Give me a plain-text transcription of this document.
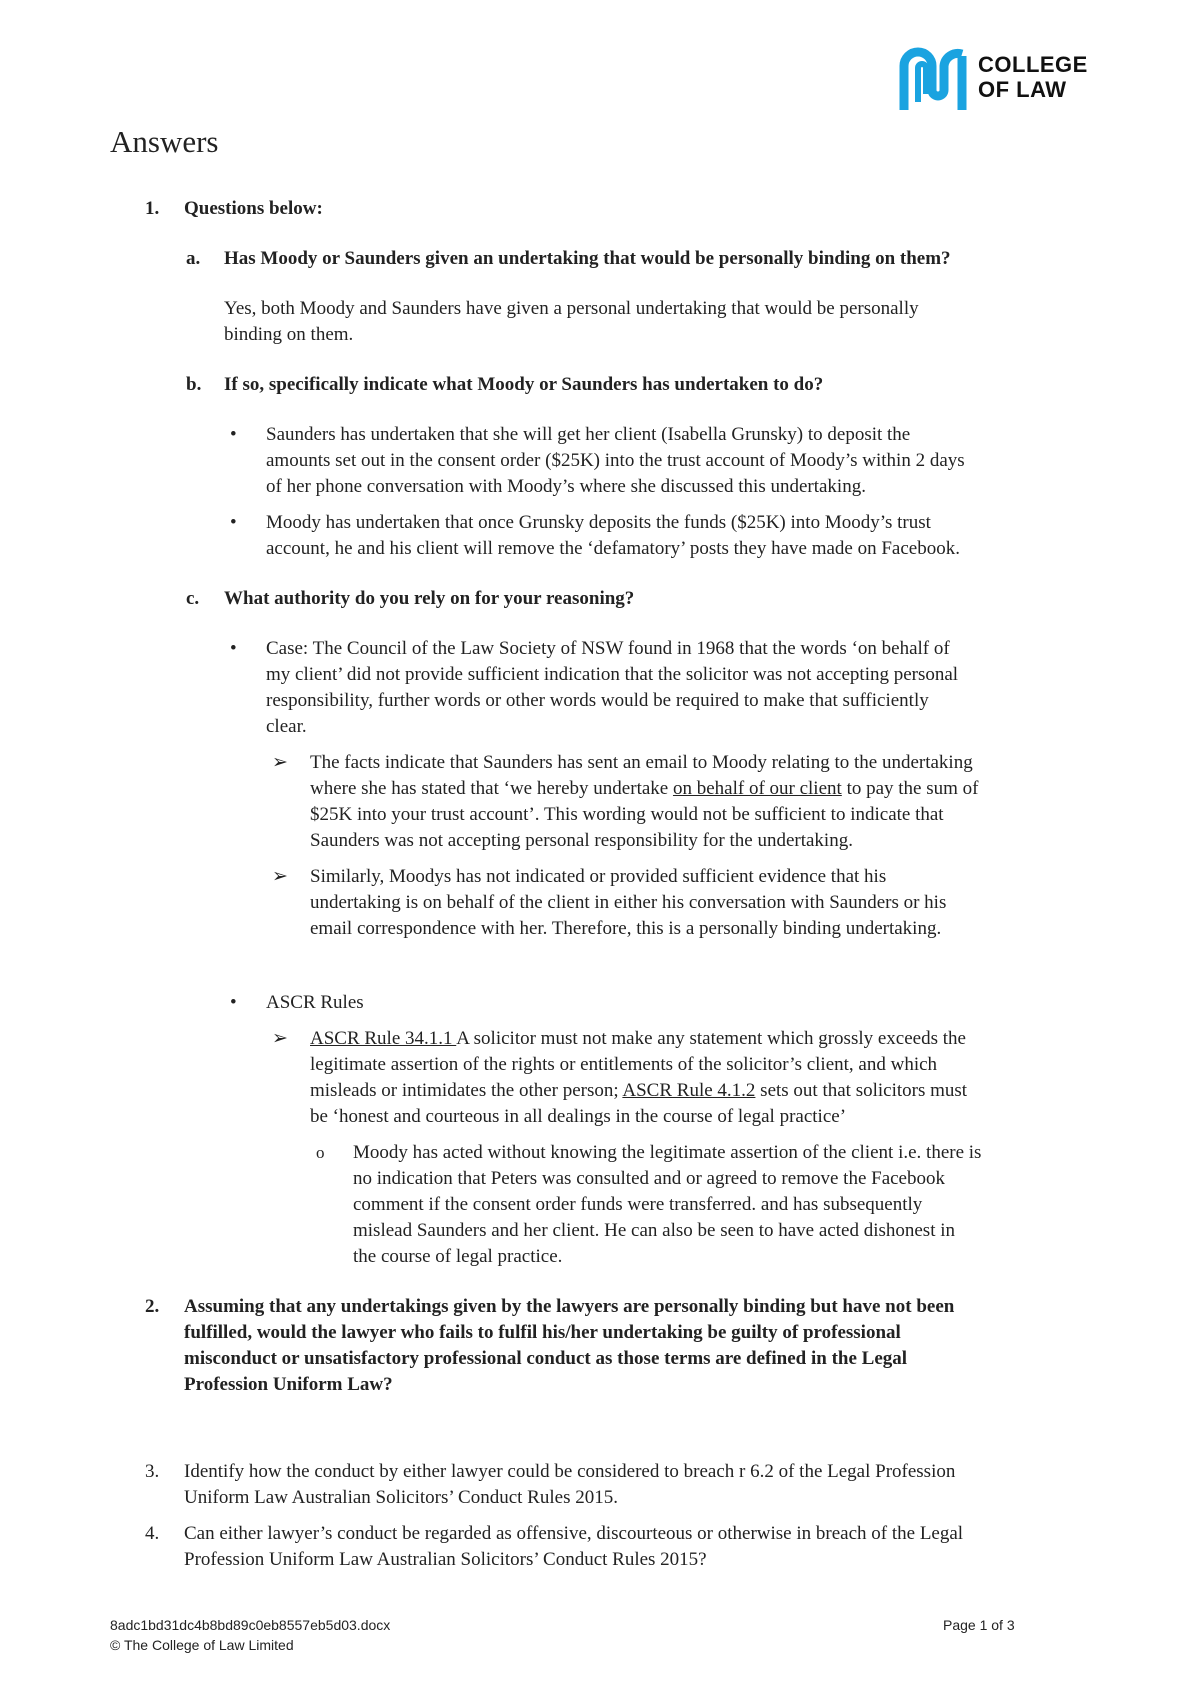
COLLEGE
OF LAW
Answers
1. Questions below:
a. Has Moody or Saunders given an undertaking that would be personally binding on them?
Yes, both Moody and Saunders have given a personal undertaking that would be personally
binding on them.
b. If so, specifically indicate what Moody or Saunders has undertaken to do?
• Saunders has undertaken that she will get her client (Isabella Grunsky) to deposit the
amounts set out in the consent order ($25K) into the trust account of Moody’s within 2 days
of her phone conversation with Moody’s where she discussed this undertaking.
• Moody has undertaken that once Grunsky deposits the funds ($25K) into Moody’s trust
account, he and his client will remove the ‘defamatory’ posts they have made on Facebook.
c. What authority do you rely on for your reasoning?
• Case: The Council of the Law Society of NSW found in 1968 that the words ‘on behalf of
my client’ did not provide sufficient indication that the solicitor was not accepting personal
responsibility, further words or other words would be required to make that sufficiently
clear.
➢ The facts indicate that Saunders has sent an email to Moody relating to the undertaking
where she has stated that ‘we hereby undertake on behalf of our client to pay the sum of
$25K into your trust account’. This wording would not be sufficient to indicate that
Saunders was not accepting personal responsibility for the undertaking.
➢ Similarly, Moodys has not indicated or provided sufficient evidence that his
undertaking is on behalf of the client in either his conversation with Saunders or his
email correspondence with her. Therefore, this is a personally binding undertaking.
• ASCR Rules
➢ ASCR Rule 34.1.1 A solicitor must not make any statement which grossly exceeds the
legitimate assertion of the rights or entitlements of the solicitor’s client, and which
misleads or intimidates the other person; ASCR Rule 4.1.2 sets out that solicitors must
be ‘honest and courteous in all dealings in the course of legal practice’
o Moody has acted without knowing the legitimate assertion of the client i.e. there is
no indication that Peters was consulted and or agreed to remove the Facebook
comment if the consent order funds were transferred. and has subsequently
mislead Saunders and her client. He can also be seen to have acted dishonest in
the course of legal practice.
2. Assuming that any undertakings given by the lawyers are personally binding but have not been
fulfilled, would the lawyer who fails to fulfil his/her undertaking be guilty of professional
misconduct or unsatisfactory professional conduct as those terms are defined in the Legal
Profession Uniform Law?
3. Identify how the conduct by either lawyer could be considered to breach r 6.2 of the Legal Profession
Uniform Law Australian Solicitors’ Conduct Rules 2015.
4. Can either lawyer’s conduct be regarded as offensive, discourteous or otherwise in breach of the Legal
Profession Uniform Law Australian Solicitors’ Conduct Rules 2015?
8adc1bd31dc4b8bd89c0eb8557eb5d03.docx
© The College of Law Limited
Page 1 of 3
